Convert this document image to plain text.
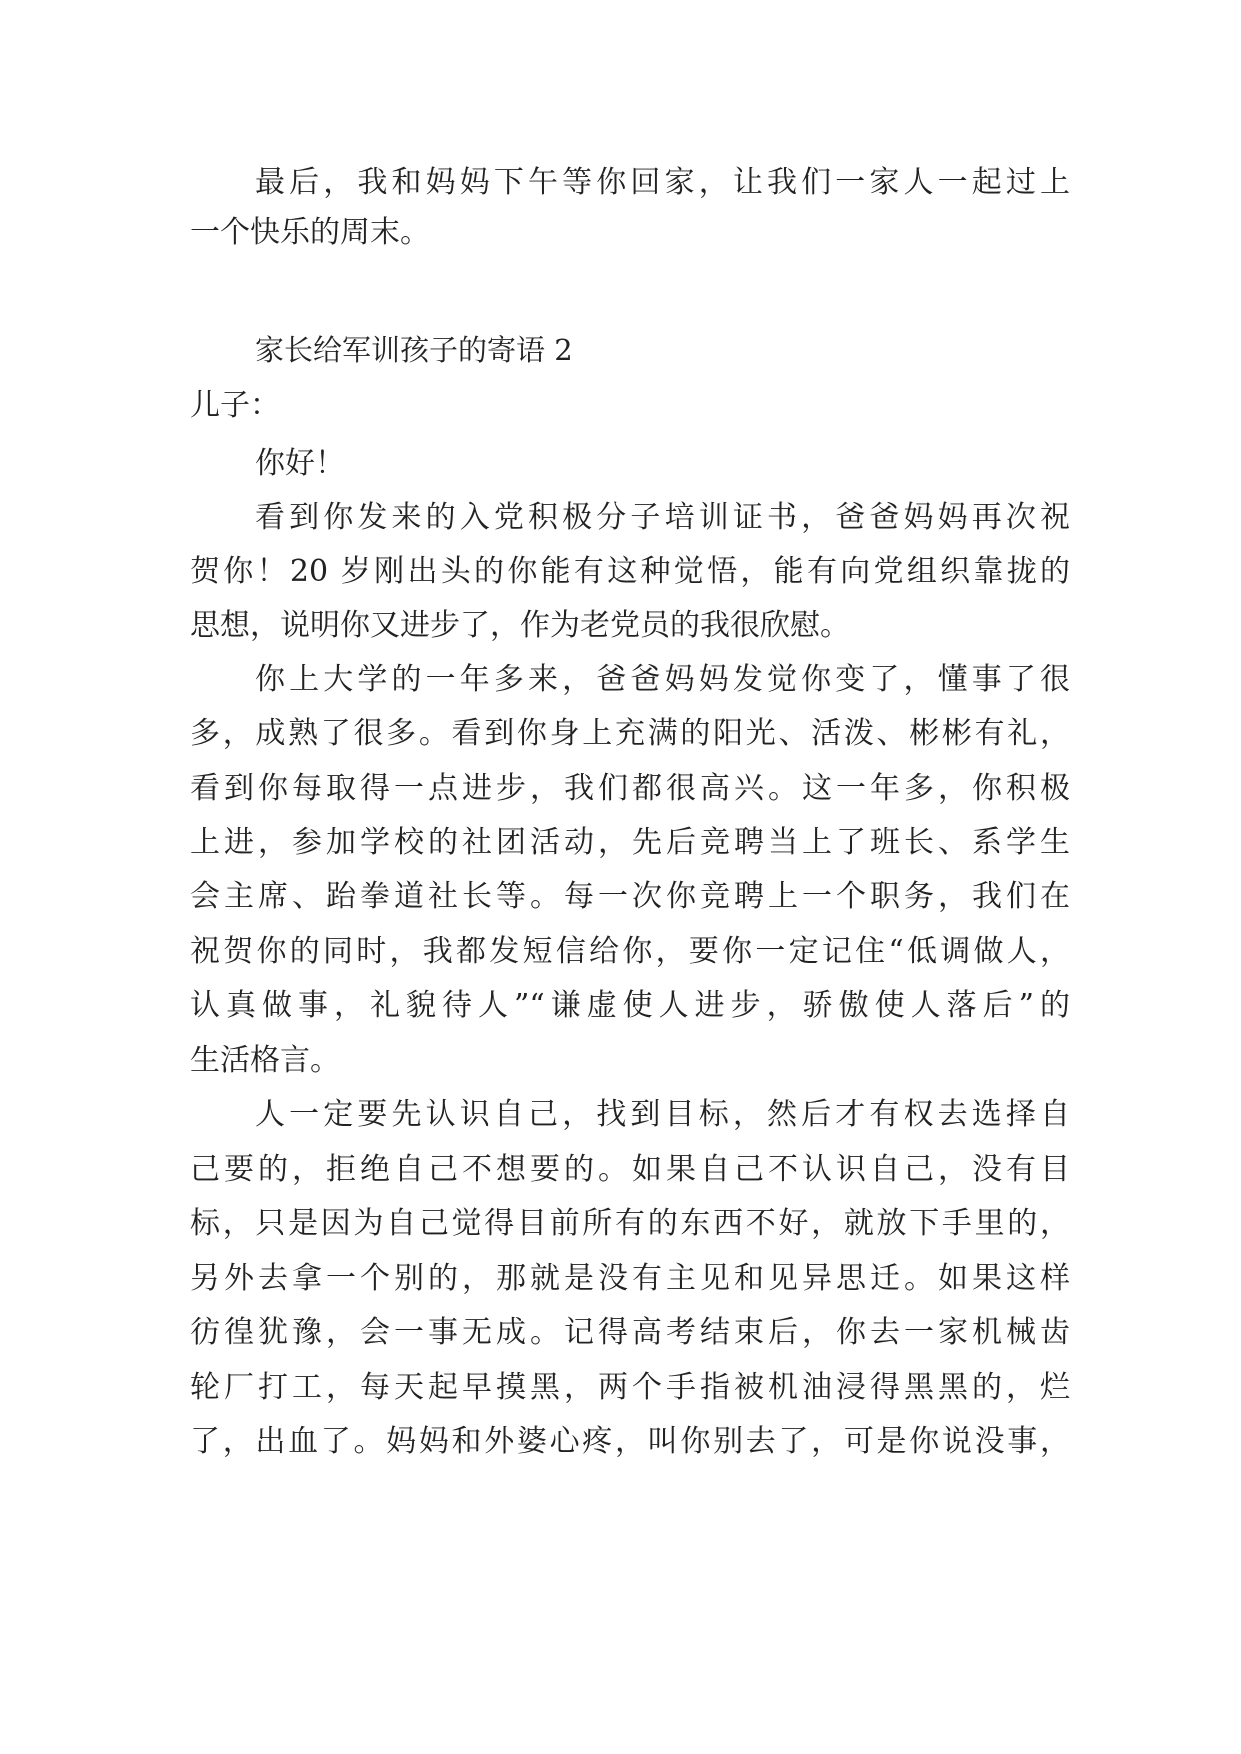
最后，我和妈妈下午等你回家，让我们一家人一起过上
一个快乐的周末。
家长给军训孩子的寄语 2
儿子：
你好！
看到你发来的入党积极分子培训证书，爸爸妈妈再次祝
贺你！20 岁刚出头的你能有这种觉悟，能有向党组织靠拢的
思想，说明你又进步了，作为老党员的我很欣慰。
你上大学的一年多来，爸爸妈妈发觉你变了，懂事了很
多，成熟了很多。看到你身上充满的阳光、活泼、彬彬有礼，
看到你每取得一点进步，我们都很高兴。这一年多，你积极
上进，参加学校的社团活动，先后竞聘当上了班长、系学生
会主席、跆拳道社长等。每一次你竞聘上一个职务，我们在
祝贺你的同时，我都发短信给你，要你一定记住“低调做人，
认真做事，礼貌待人”“谦虚使人进步，骄傲使人落后”的
生活格言。
人一定要先认识自己，找到目标，然后才有权去选择自
己要的，拒绝自己不想要的。如果自己不认识自己，没有目
标，只是因为自己觉得目前所有的东西不好，就放下手里的，
另外去拿一个别的，那就是没有主见和见异思迁。如果这样
彷徨犹豫，会一事无成。记得高考结束后，你去一家机械齿
轮厂打工，每天起早摸黑，两个手指被机油浸得黑黑的，烂
了，出血了。妈妈和外婆心疼，叫你别去了，可是你说没事，
